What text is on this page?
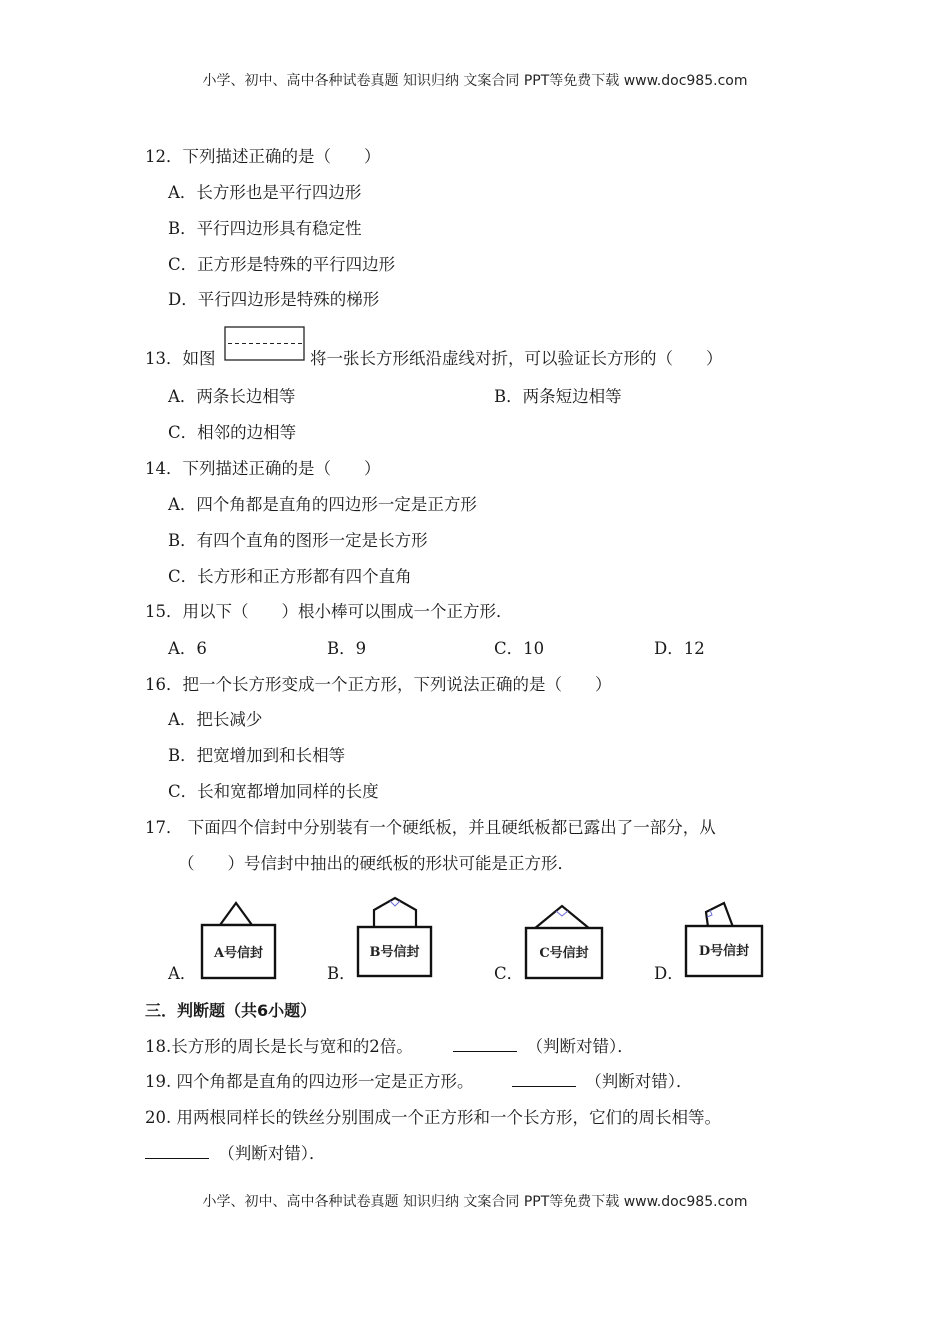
小学、初中、高中各种试卷真题 知识归纳 文案合同 PPT等免费下载 www.doc985.com
12．下列描述正确的是（　　）
A．长方形也是平行四边形
B．平行四边形具有稳定性
C．正方形是特殊的平行四边形
D．平行四边形是特殊的梯形
13．如图	将一张长方形纸沿虚线对折，可以验证长方形的（　　）
A．两条长边相等	B．两条短边相等
C．相邻的边相等
14．下列描述正确的是（　　）
A．四个角都是直角的四边形一定是正方形
B．有四个直角的图形一定是长方形
C．长方形和正方形都有四个直角
15．用以下（　　）根小棒可以围成一个正方形．
A．6	B．9	C．10	D．12
16．把一个长方形变成一个正方形，下列说法正确的是（　　）
A．把长减少
B．把宽增加到和长相等
C．长和宽都增加同样的长度
17． 下面四个信封中分别装有一个硬纸板，并且硬纸板都已露出了一部分，从
（　　）号信封中抽出的硬纸板的形状可能是正方形．
A．	B．	C．	D．
A号信封	B号信封	C号信封	D号信封
三．判断题（共6小题）
18.长方形的周长是长与宽和的2倍。	（判断对错）．
19. 四个角都是直角的四边形一定是正方形。	（判断对错）．
20. 用两根同样长的铁丝分别围成一个正方形和一个长方形，它们的周长相等。
（判断对错）．
小学、初中、高中各种试卷真题 知识归纳 文案合同 PPT等免费下载 www.doc985.com
